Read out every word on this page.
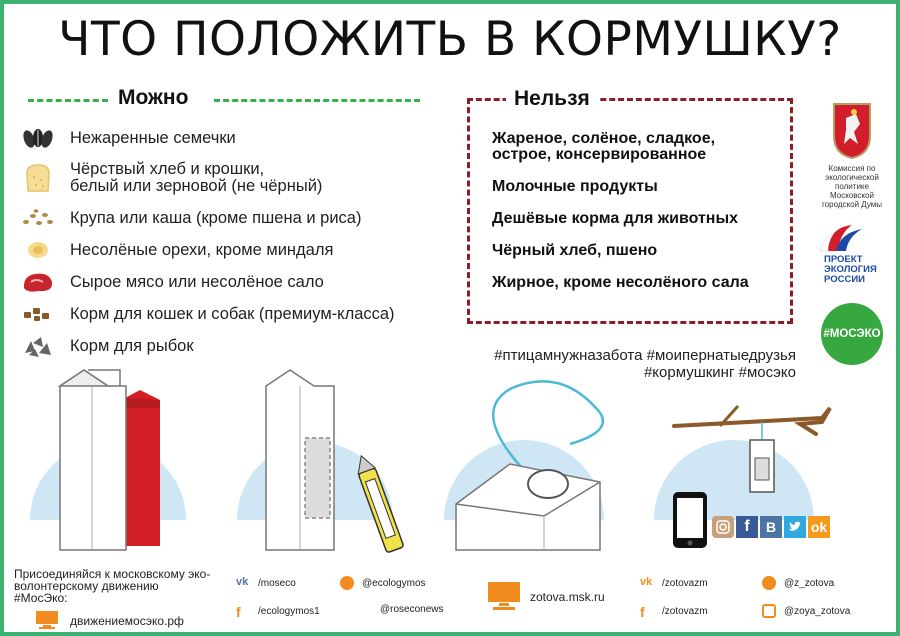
ЧТО ПОЛОЖИТЬ В КОРМУШКУ?
Можно
Нежаренные семечки
Чёрствый хлеб и крошки,
белый или зерновой (не чёрный)
Крупа или каша (кроме пшена и риса)
Несолёные орехи, кроме миндаля
Сырое мясо или несолёное сало
Корм для кошек и собак (премиум-класса)
Корм для рыбок
Нельзя
Жареное, солёное, сладкое,
острое, консервированное
Молочные продукты
Дешёвые корма для животных
Чёрный хлеб, пшено
Жирное, кроме несолёного сала
Комиссия по экологической политике Московской городской Думы
ПРОЕКТ
ЭКОЛОГИЯ
РОССИИ
#МОСЭКО
#птицамнужназабота #моипернатыедрузья
#кормушкинг #мосэко
f	B	ok
Присоединяйся к московскому эко-волонтерскому движению #МосЭко:
движениемосэко.рф
vk /moseco	@ecologymos
f	/ecologymos1	@roseconews
zotova.msk.ru
vk /zotovazm	@z_zotova
f	/zotovazm	@zoya_zotova
